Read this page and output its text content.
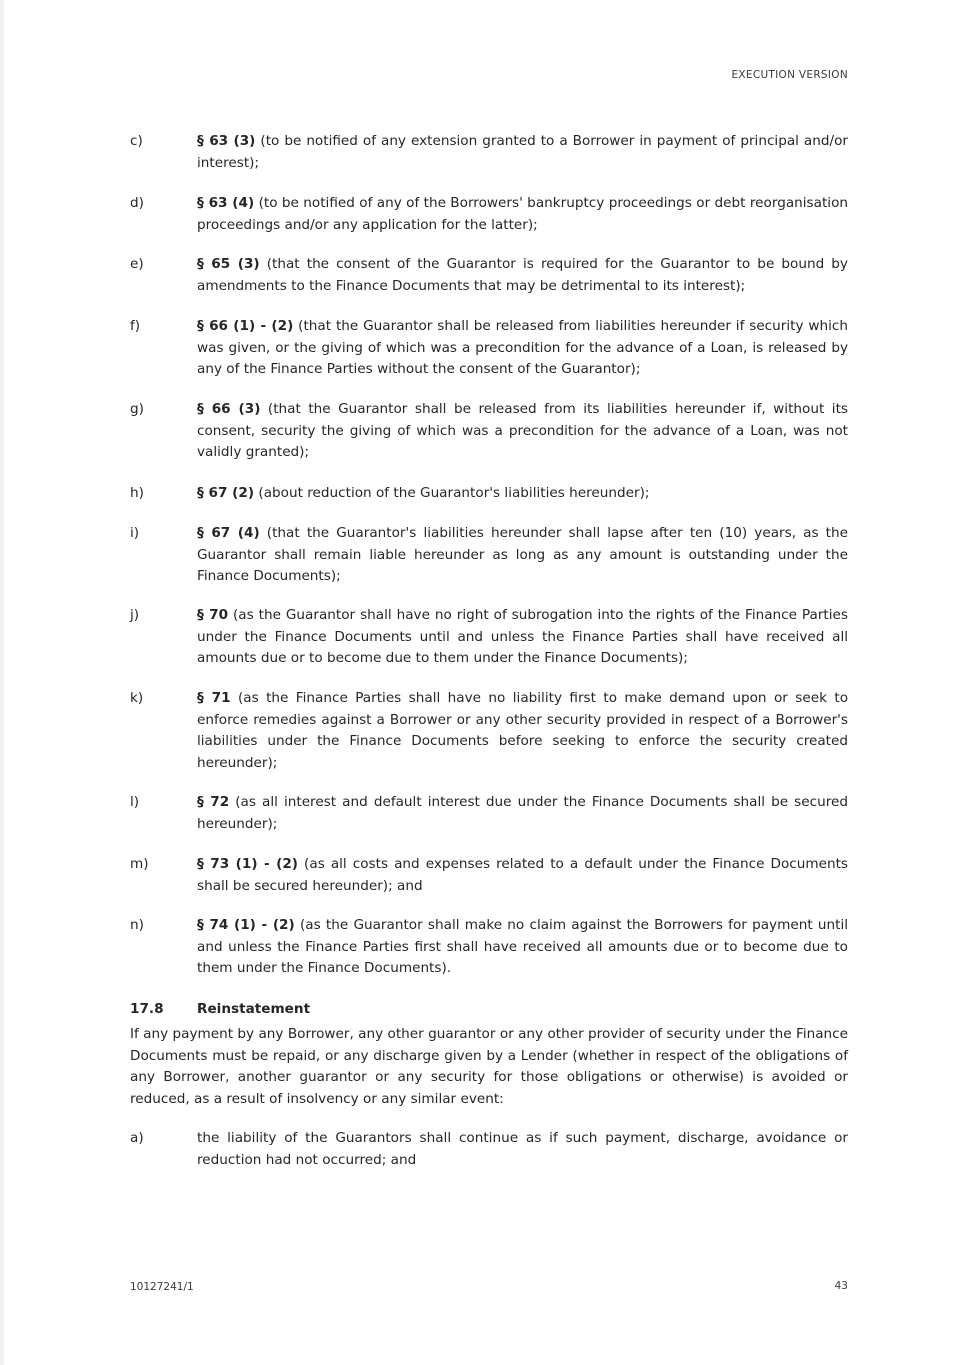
EXECUTION VERSION
c)	§ 63 (3) (to be notified of any extension granted to a Borrower in payment of principal and/or interest);
d)	§ 63 (4) (to be notified of any of the Borrowers' bankruptcy proceedings or debt reorganisation proceedings and/or any application for the latter);
e)	§ 65 (3) (that the consent of the Guarantor is required for the Guarantor to be bound by amendments to the Finance Documents that may be detrimental to its interest);
f)	§ 66 (1) - (2) (that the Guarantor shall be released from liabilities hereunder if security which was given, or the giving of which was a precondition for the advance of a Loan, is released by any of the Finance Parties without the consent of the Guarantor);
g)	§ 66 (3) (that the Guarantor shall be released from its liabilities hereunder if, without its consent, security the giving of which was a precondition for the advance of a Loan, was not validly granted);
h)	§ 67 (2) (about reduction of the Guarantor's liabilities hereunder);
i)	§ 67 (4) (that the Guarantor's liabilities hereunder shall lapse after ten (10) years, as the Guarantor shall remain liable hereunder as long as any amount is outstanding under the Finance Documents);
j)	§ 70 (as the Guarantor shall have no right of subrogation into the rights of the Finance Parties under the Finance Documents until and unless the Finance Parties shall have received all amounts due or to become due to them under the Finance Documents);
k)	§ 71 (as the Finance Parties shall have no liability first to make demand upon or seek to enforce remedies against a Borrower or any other security provided in respect of a Borrower's liabilities under the Finance Documents before seeking to enforce the security created hereunder);
l)	§ 72 (as all interest and default interest due under the Finance Documents shall be secured hereunder);
m)	§ 73 (1) - (2) (as all costs and expenses related to a default under the Finance Documents shall be secured hereunder); and
n)	§ 74 (1) - (2) (as the Guarantor shall make no claim against the Borrowers for payment until and unless the Finance Parties first shall have received all amounts due or to become due to them under the Finance Documents).
17.8 Reinstatement
If any payment by any Borrower, any other guarantor or any other provider of security under the Finance Documents must be repaid, or any discharge given by a Lender (whether in respect of the obligations of any Borrower, another guarantor or any security for those obligations or otherwise) is avoided or reduced, as a result of insolvency or any similar event:
a)	the liability of the Guarantors shall continue as if such payment, discharge, avoidance or reduction had not occurred; and
10127241/1	43
